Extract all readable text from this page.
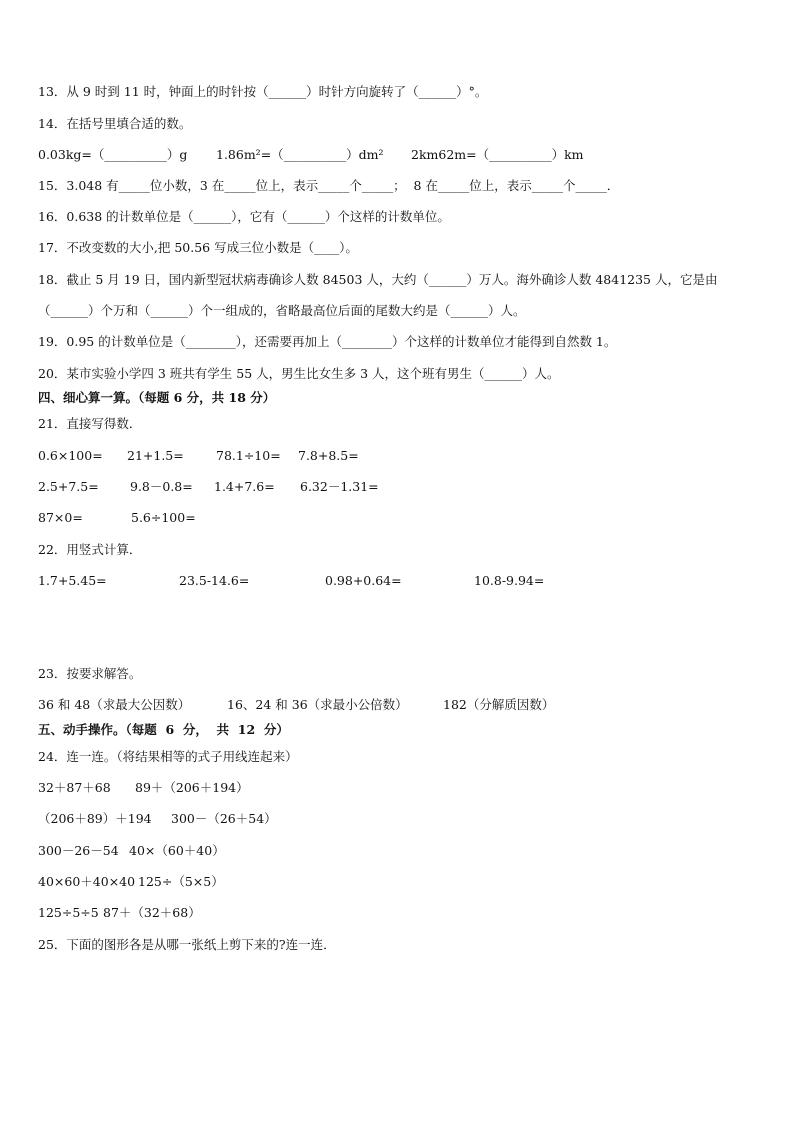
13．从 9 时到 11 时，钟面上的时针按（______）时针方向旋转了（______）°。
14．在括号里填合适的数。
0.03kg=（__________）g 1.86m²=（__________）dm² 2km62m=（__________）km
15．3.048 有_____位小数，3 在_____位上，表示_____个_____；  8 在_____位上，表示_____个_____．
16．0.638 的计数单位是（______），它有（______）个这样的计数单位。
17．不改变数的大小,把 50.56 写成三位小数是（____）。
18．截止 5 月 19 日，国内新型冠状病毒确诊人数 84503 人，大约（______）万人。海外确诊人数 4841235 人，它是由
（______）个万和（______）个一组成的，省略最高位后面的尾数大约是（______）人。
19．0.95 的计数单位是（________），还需要再加上（________）个这样的计数单位才能得到自然数 1。
20．某市实验小学四 3 班共有学生 55 人，男生比女生多 3 人，这个班有男生（______）人。
四、细心算一算。（每题 6 分，共 18 分）
21．直接写得数．
0.6×100= 21+1.5=	78.1÷10= 7.8+8.5=
2.5+7.5=	9.8－0.8= 1.4+7.6= 6.32－1.31=
87×0=	5.6÷100=
22．用竖式计算．
1.7+5.45=	23.5-14.6=	0.98+0.64=	10.8-9.94=
23．按要求解答。
36 和 48（求最大公因数）	16、24 和 36（求最小公倍数）	182（分解质因数）
五、动手操作。（每题  6  分，  共  12  分）
24．连一连。（将结果相等的式子用线连起来）
32＋87＋68 89＋（206＋194）
（206＋89）＋194 300－（26＋54）
300－26－54 40×（60＋40）
40×60＋40×40 125÷（5×5）
125÷5÷5 87＋（32＋68）
25．下面的图形各是从哪一张纸上剪下来的?连一连．
